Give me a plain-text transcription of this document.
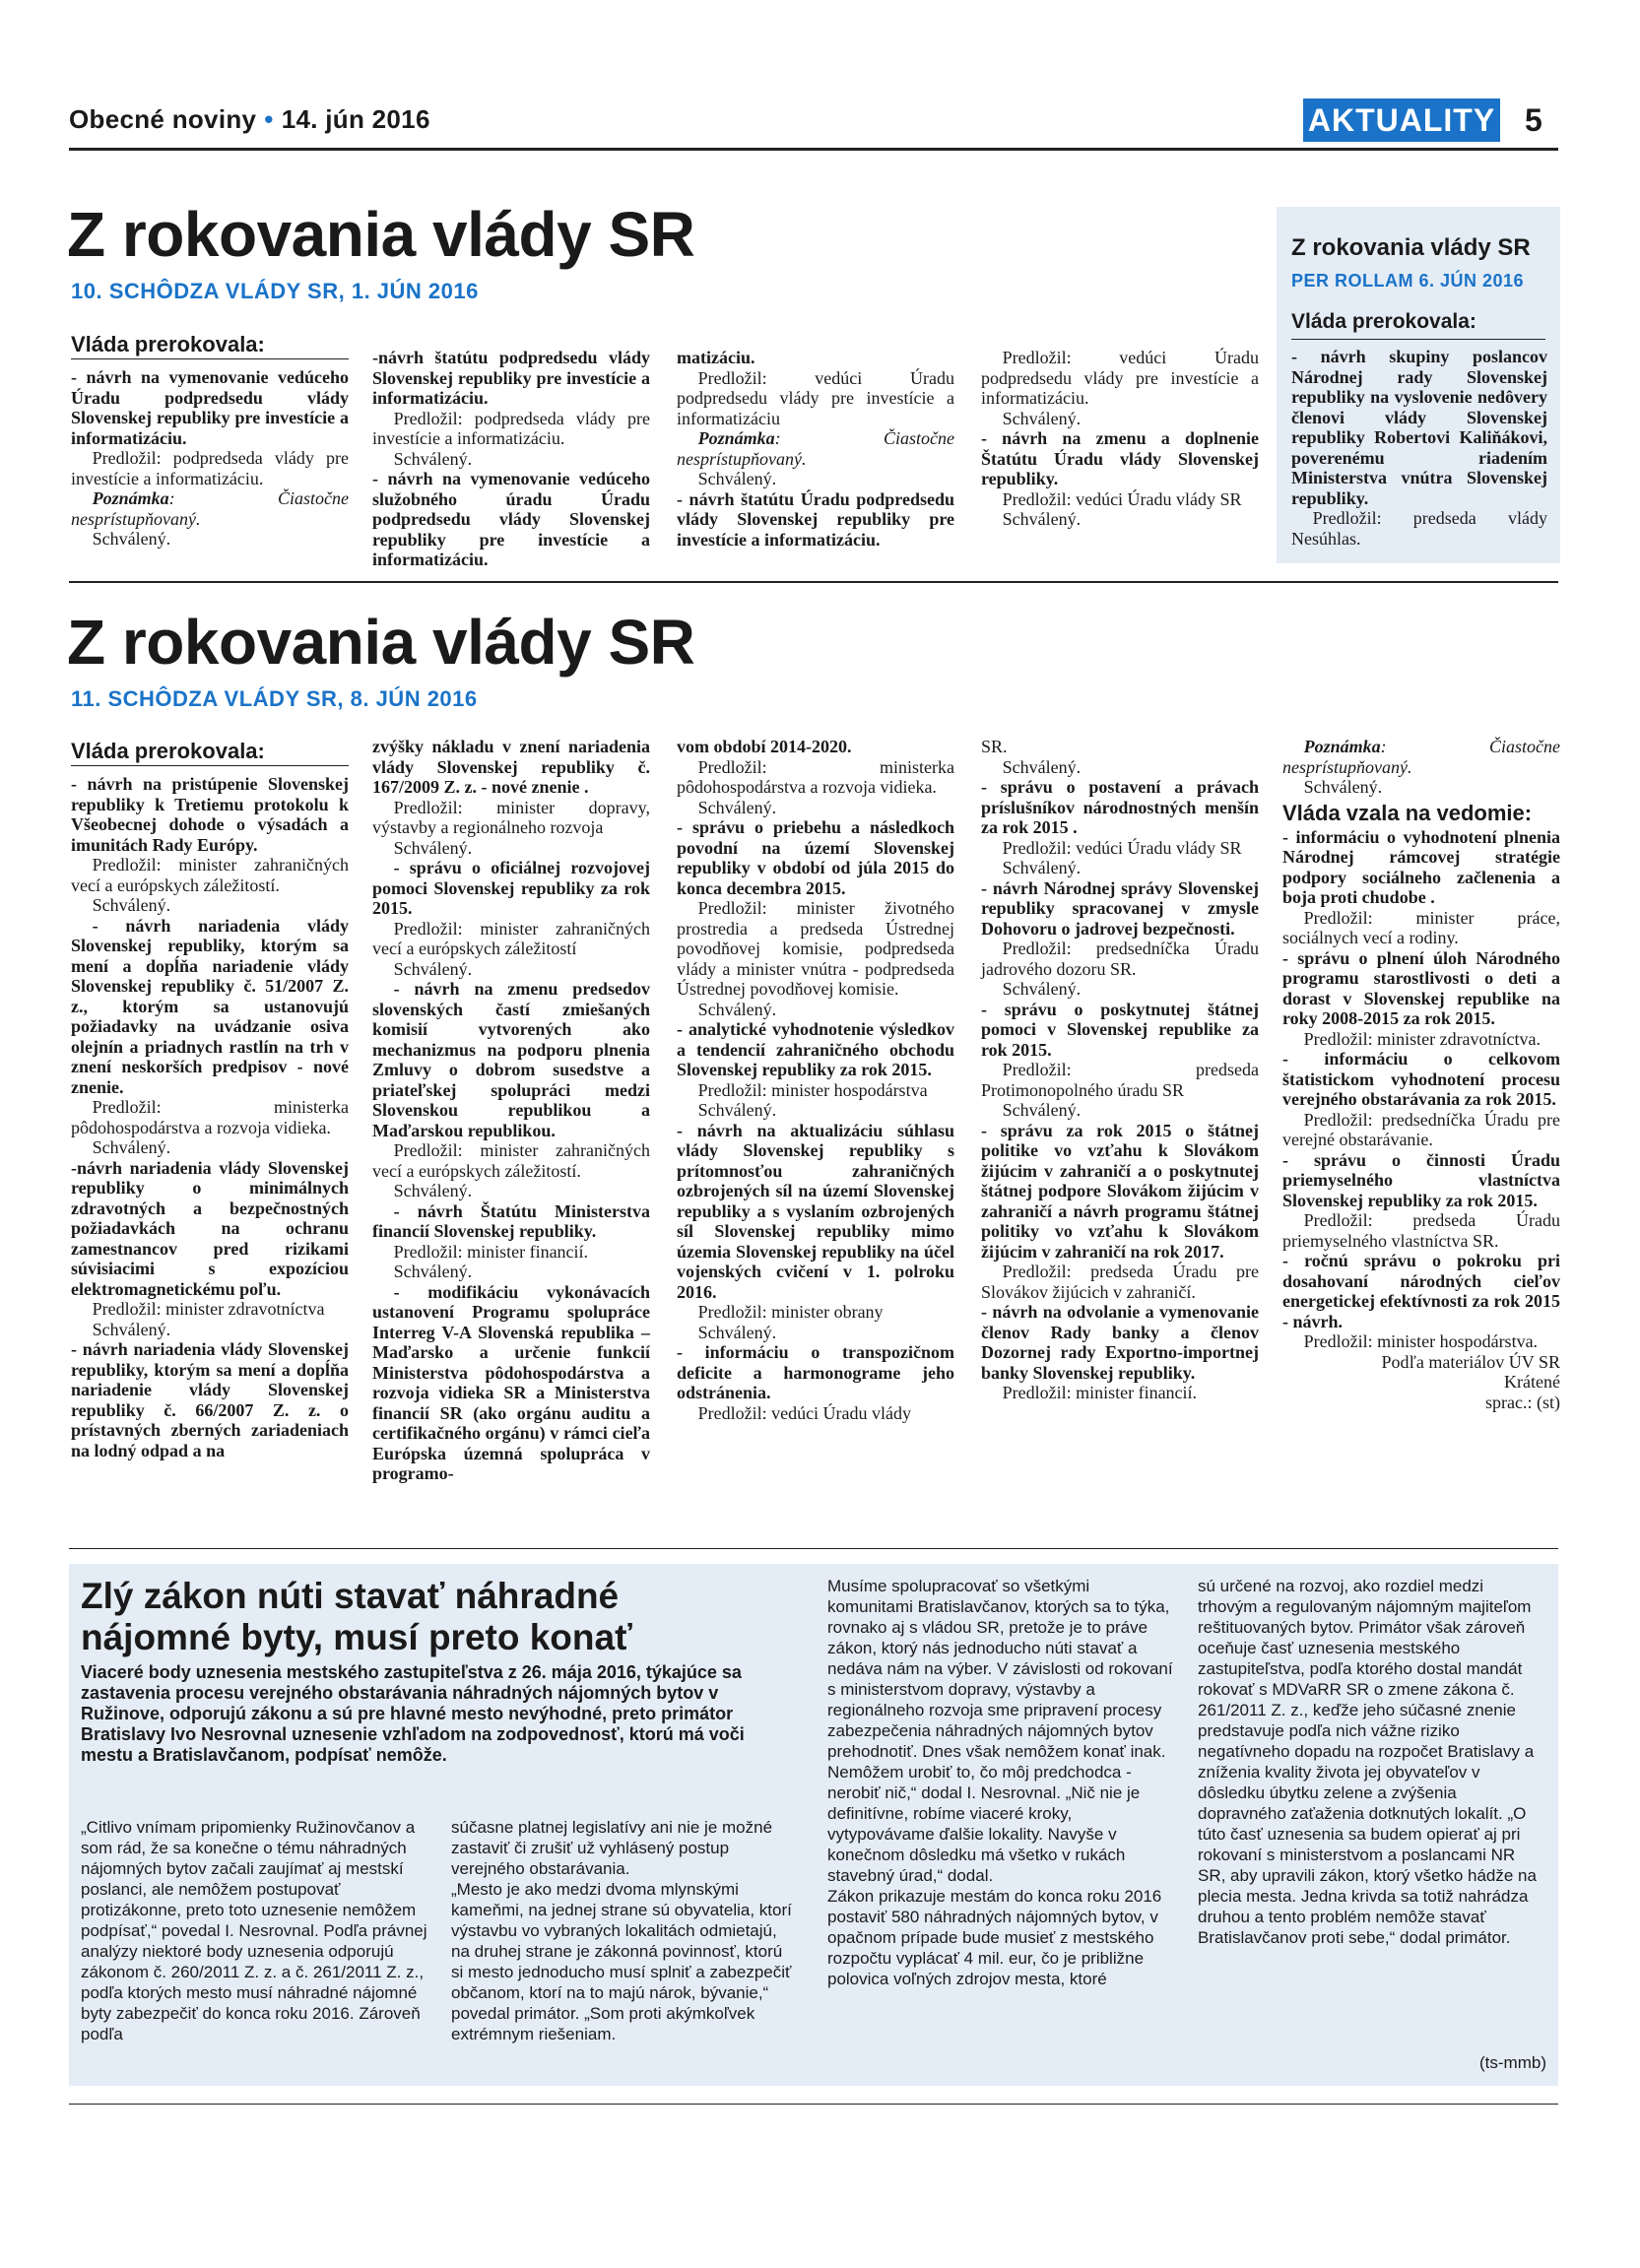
Obecné noviny • 14. jún 2016	AKTUALITY 5
Z rokovania vlády SR
10. SCHÔDZA VLÁDY SR, 1. JÚN 2016
Vláda prerokovala:

- návrh na vymenovanie vedúceho Úradu podpredsedu vlády Slovenskej republiky pre investície a informatizáciu.

Predložil: podpredseda vlády pre investície a informatizáciu.

Poznámka: Čiastočne nesprístupňovaný.

Schválený.

-návrh štatútu podpredsedu vlády Slovenskej republiky pre investície a informatizáciu.

Predložil: podpredseda vlády pre investície a informatizáciu.

Schválený.

- návrh na vymenovanie vedúceho služobného úradu Úradu podpredsedu vlády Slovenskej republiky pre investície a informatizáciu.

matizáciu.

Predložil: vedúci Úradu podpredsedu vlády pre investície a informatizáciu

Poznámka: Čiastočne nesprístupňovaný.

Schválený.

- návrh štatútu Úradu podpredsedu vlády Slovenskej republiky pre investície a informatizáciu.

Predložil: vedúci Úradu podpredsedu vlády pre investície a informatizáciu.

Schválený.

- návrh na zmenu a doplnenie Štatútu Úradu vlády Slovenskej republiky.

Predložil: vedúci Úradu vlády SR

Schválený.

Z rokovania vlády SR
PER ROLLAM 6. JÚN 2016
Vláda prerokovala:

- návrh skupiny poslancov Národnej rady Slovenskej republiky na vyslovenie nedôvery členovi vlády Slovenskej republiky Robertovi Kaliňákovi, poverenému riadením Ministerstva vnútra Slovenskej republiky.

Predložil: predseda vlády Nesúhlas.

Z rokovania vlády SR
11. SCHÔDZA VLÁDY SR, 8. JÚN 2016
Vláda prerokovala:

- návrh na pristúpenie Slovenskej republiky k Tretiemu protokolu k Všeobecnej dohode o výsadách a imunitách Rady Európy.

Predložil: minister zahraničných vecí a európskych záležitostí.

Schválený.

- návrh nariadenia vlády Slovenskej republiky, ktorým sa mení a dopĺňa nariadenie vlády Slovenskej republiky č. 51/2007 Z. z., ktorým sa ustanovujú požiadavky na uvádzanie osiva olejnín a priadnych rastlín na trh v znení neskorších predpisov - nové znenie.

Predložil: ministerka pôdohospodárstva a rozvoja vidieka.

Schválený.

-návrh nariadenia vlády Slovenskej republiky o minimálnych zdravotných a bezpečnostných požiadavkách na ochranu zamestnancov pred rizikami súvisiacimi s expozíciou elektromagnetickému poľu.

Predložil: minister zdravotníctva

Schválený.

- návrh nariadenia vlády Slovenskej republiky, ktorým sa mení a dopĺňa nariadenie vlády Slovenskej republiky č. 66/2007 Z. z. o prístavných zberných zariadeniach na lodný odpad a na

zvýšky nákladu v znení nariadenia vlády Slovenskej republiky č. 167/2009 Z. z. - nové znenie .

Predložil: minister dopravy, výstavby a regionálneho rozvoja

Schválený.

- správu o oficiálnej rozvojovej pomoci Slovenskej republiky za rok 2015.

Predložil: minister zahraničných vecí a európskych záležitostí

Schválený.

- návrh na zmenu predsedov slovenských častí zmiešaných komisií vytvorených ako mechanizmus na podporu plnenia Zmluvy o dobrom susedstve a priateľskej spolupráci medzi Slovenskou republikou a Maďarskou republikou.

Predložil: minister zahraničných vecí a európskych záležitostí.

Schválený.

- návrh Štatútu Ministerstva financií Slovenskej republiky.

Predložil: minister financií.

Schválený.

- modifikáciu vykonávacích ustanovení Programu spolupráce Interreg V-A Slovenská republika – Maďarsko a určenie funkcií Ministerstva pôdohospodárstva a rozvoja vidieka SR a Ministerstva financií SR (ako orgánu auditu a certifikačného orgánu) v rámci cieľa Európska územná spolupráca v programo-

vom období 2014-2020.

Predložil: ministerka pôdohospodárstva a rozvoja vidieka.

Schválený.

- správu o priebehu a následkoch povodní na území Slovenskej republiky v období od júla 2015 do konca decembra 2015.

Predložil: minister životného prostredia a predseda Ústrednej povodňovej komisie, podpredseda vlády a minister vnútra - podpredseda Ústrednej povodňovej komisie.

Schválený.

- analytické vyhodnotenie výsledkov a tendencií zahraničného obchodu Slovenskej republiky za rok 2015.

Predložil: minister hospodárstva

Schválený.

- návrh na aktualizáciu súhlasu vlády Slovenskej republiky s prítomnosťou zahraničných ozbrojených síl na území Slovenskej republiky a s vyslaním ozbrojených síl Slovenskej republiky mimo územia Slovenskej republiky na účel vojenských cvičení v 1. polroku 2016.

Predložil: minister obrany

Schválený.

- informáciu o transpozičnom deficite a harmonograme jeho odstránenia.

Predložil: vedúci Úradu vlády

SR.

Schválený.

- správu o postavení a právach príslušníkov národnostných menšín za rok 2015 .

Predložil: vedúci Úradu vlády SR

Schválený.

- návrh Národnej správy Slovenskej republiky spracovanej v zmysle Dohovoru o jadrovej bezpečnosti.

Predložil: predsedníčka Úradu jadrového dozoru SR.

Schválený.

- správu o poskytnutej štátnej pomoci v Slovenskej republike za rok 2015.

Predložil: predseda Protimonopolného úradu SR

Schválený.

- správu za rok 2015 o štátnej politike vo vzťahu k Slovákom žijúcim v zahraničí a o poskytnutej štátnej podpore Slovákom žijúcim v zahraničí a návrh programu štátnej politiky vo vzťahu k Slovákom žijúcim v zahraničí na rok 2017.

Predložil: predseda Úradu pre Slovákov žijúcich v zahraničí.

- návrh na odvolanie a vymenovanie členov Rady banky a členov Dozornej rady Exportno-importnej banky Slovenskej republiky.

Predložil: minister financií.

Poznámka: Čiastočne nesprístupňovaný.

Schválený.

Vláda vzala na vedomie:

- informáciu o vyhodnotení plnenia Národnej rámcovej stratégie podpory sociálneho začlenenia a boja proti chudobe .

Predložil: minister práce, sociálnych vecí a rodiny.

- správu o plnení úloh Národného programu starostlivosti o deti a dorast v Slovenskej republike na roky 2008-2015 za rok 2015.

Predložil: minister zdravotníctva.

- informáciu o celkovom štatistickom vyhodnotení procesu verejného obstarávania za rok 2015.

Predložil: predsedníčka Úradu pre verejné obstarávanie.

- správu o činnosti Úradu priemyselného vlastníctva Slovenskej republiky za rok 2015.

Predložil: predseda Úradu priemyselného vlastníctva SR.

- ročnú správu o pokroku pri dosahovaní národných cieľov energetickej efektívnosti za rok 2015 - návrh.

Predložil: minister hospodárstva.

Podľa materiálov ÚV SR

Krátené

sprac.: (st)

Zlý zákon núti stavať náhradné nájomné byty, musí preto konať
Viaceré body uznesenia mestského zastupiteľstva z 26. mája 2016, týkajúce sa zastavenia procesu verejného obstarávania náhradných nájomných bytov v Ružinove, odporujú zákonu a sú pre hlavné mesto nevýhodné, preto primátor Bratislavy Ivo Nesrovnal uznesenie vzhľadom na zodpovednosť, ktorú má voči mestu a Bratislavčanom, podpísať nemôže.
„Citlivo vnímam pripomienky Ružinovčanov a som rád, že sa konečne o tému náhradných nájomných bytov začali zaujímať aj mestskí poslanci, ale nemôžem postupovať protizákonne, preto toto uznesenie nemôžem podpísať,“ povedal I. Nesrovnal. Podľa právnej analýzy niektoré body uznesenia odporujú zákonom č. 260/2011 Z. z. a č. 261/2011 Z. z., podľa ktorých mesto musí náhradné nájomné byty zabezpečiť do konca roku 2016. Zároveň podľa
súčasne platnej legislatívy ani nie je možné zastaviť či zrušiť už vyhlásený postup verejného obstarávania.
„Mesto je ako medzi dvoma mlynskými kameňmi, na jednej strane sú obyvatelia, ktorí výstavbu vo vybraných lokalitách odmietajú, na druhej strane je zákonná povinnosť, ktorú si mesto jednoducho musí splniť a zabezpečiť občanom, ktorí na to majú nárok, bývanie,“ povedal primátor. „Som proti akýmkoľvek extrémnym riešeniam.
Musíme spolupracovať so všetkými komunitami Bratislavčanov, ktorých sa to týka, rovnako aj s vládou SR, pretože je to práve zákon, ktorý nás jednoducho núti stavať a nedáva nám na výber. V závislosti od rokovaní s ministerstvom dopravy, výstavby a regionálneho rozvoja sme pripravení procesy zabezpečenia náhradných nájomných bytov prehodnotiť. Dnes však nemôžem konať inak. Nemôžem urobiť to, čo môj predchodca - nerobiť nič,“ dodal I. Nesrovnal. „Nič nie je definitívne, robíme viaceré kroky, vytypovávame ďalšie lokality. Navyše v konečnom dôsledku má všetko v rukách stavebný úrad,“ dodal.
Zákon prikazuje mestám do konca roku 2016 postaviť 580 náhradných nájomných bytov, v opačnom prípade bude musieť z mestského rozpočtu vyplácať 4 mil. eur, čo je približne polovica voľných zdrojov mesta, ktoré
sú určené na rozvoj, ako rozdiel medzi trhovým a regulovaným nájomným majiteľom reštituovaných bytov. Primátor však zároveň oceňuje časť uznesenia mestského zastupiteľstva, podľa ktorého dostal mandát rokovať s MDVaRR SR o zmene zákona č. 261/2011 Z. z., keďže jeho súčasné znenie predstavuje podľa nich vážne riziko negatívneho dopadu na rozpočet Bratislavy a zníženia kvality života jej obyvateľov v dôsledku úbytku zelene a zvýšenia dopravného zaťaženia dotknutých lokalít. „O túto časť uznesenia sa budem opierať aj pri rokovaní s ministerstvom a poslancami NR SR, aby upravili zákon, ktorý všetko hádže na plecia mesta. Jedna krivda sa totiž nahrádza druhou a tento problém nemôže stavať Bratislavčanov proti sebe,“ dodal primátor.
(ts-mmb)
